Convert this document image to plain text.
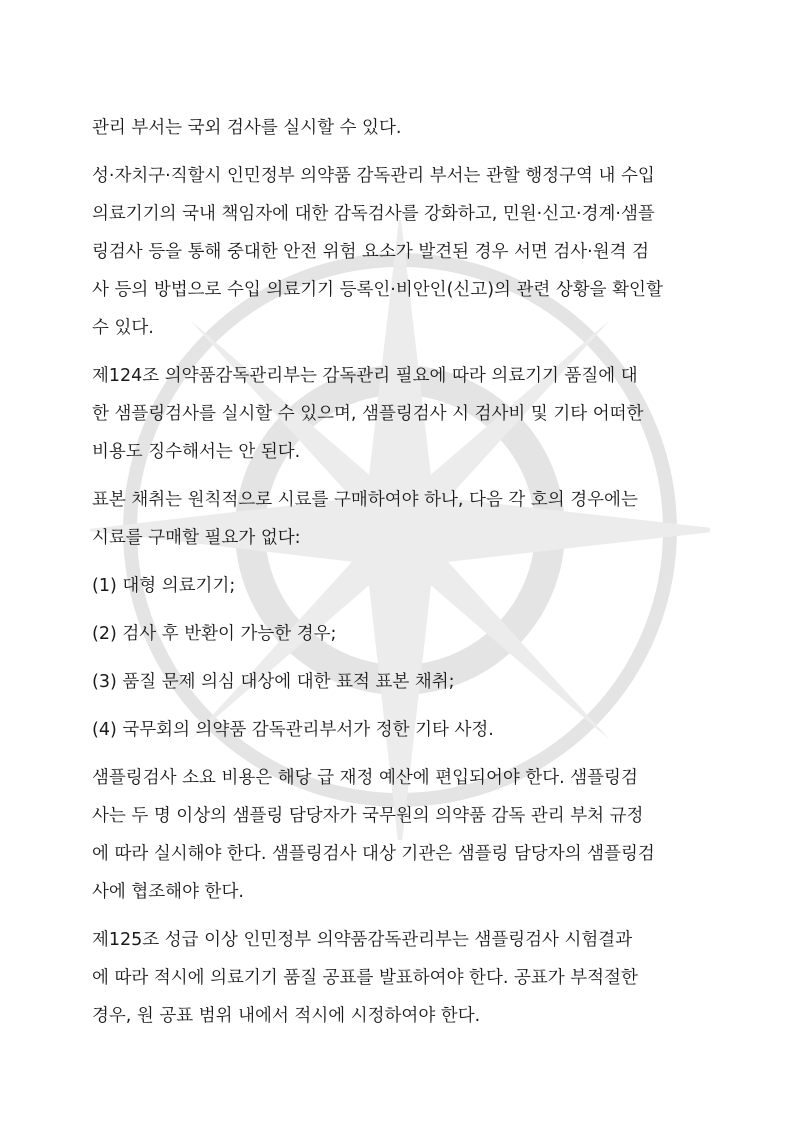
관리 부서는 국외 검사를 실시할 수 있다.
성·자치구·직할시 인민정부 의약품 감독관리 부서는 관할 행정구역 내 수입
의료기기의 국내 책임자에 대한 감독검사를 강화하고, 민원·신고·경계·샘플
링검사 등을 통해 중대한 안전 위험 요소가 발견된 경우 서면 검사·원격 검
사 등의 방법으로 수입 의료기기 등록인·비안인(신고)의 관련 상황을 확인할
수 있다.
제124조 의약품감독관리부는 감독관리 필요에 따라 의료기기 품질에 대
한 샘플링검사를 실시할 수 있으며, 샘플링검사 시 검사비 및 기타 어떠한
비용도 징수해서는 안 된다.
표본 채취는 원칙적으로 시료를 구매하여야 하나, 다음 각 호의 경우에는
시료를 구매할 필요가 없다:
(1) 대형 의료기기;
(2) 검사 후 반환이 가능한 경우;
(3) 품질 문제 의심 대상에 대한 표적 표본 채취;
(4) 국무회의 의약품 감독관리부서가 정한 기타 사정.
샘플링검사 소요 비용은 해당 급 재정 예산에 편입되어야 한다. 샘플링검
사는 두 명 이상의 샘플링 담당자가 국무원의 의약품 감독 관리 부처 규정
에 따라 실시해야 한다. 샘플링검사 대상 기관은 샘플링 담당자의 샘플링검
사에 협조해야 한다.
제125조 성급 이상 인민정부 의약품감독관리부는 샘플링검사 시험결과
에 따라 적시에 의료기기 품질 공표를 발표하여야 한다. 공표가 부적절한
경우, 원 공표 범위 내에서 적시에 시정하여야 한다.
